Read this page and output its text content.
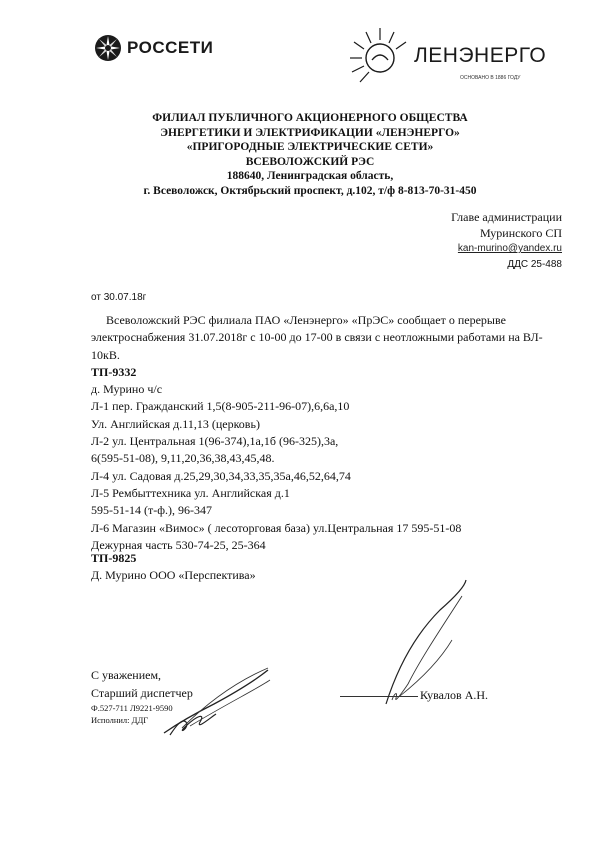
РОССЕТИ	ЛЕНЭНЕРГО
ОСНОВАНО В 1886 ГОДУ
ФИЛИАЛ ПУБЛИЧНОГО АКЦИОНЕРНОГО ОБЩЕСТВА
ЭНЕРГЕТИКИ И ЭЛЕКТРИФИКАЦИИ «ЛЕНЭНЕРГО»
«ПРИГОРОДНЫЕ ЭЛЕКТРИЧЕСКИЕ СЕТИ»
ВСЕВОЛОЖСКИЙ РЭС
188640, Ленинградская область,
г. Всеволожск, Октябрьский проспект, д.102, т/ф 8-813-70-31-450
Главе администрации
Муринского СП
kan-murino@yandex.ru
ДДС 25-488
от 30.07.18г

Всеволожский РЭС филиала ПАО «Ленэнерго» «ПрЭС» сообщает о перерыве

электроснабжения 31.07.2018г с 10-00 до 17-00 в связи с неотложными работами на ВЛ-

10кВ.

ТП-9332

д. Мурино ч/с
Л-1 пер. Гражданский 1,5(8-905-211-96-07),6,6а,10
Ул. Английская д.11,13 (церковь)
Л-2 ул. Центральная 1(96-374),1а,1б (96-325),3а,
6(595-51-08), 9,11,20,36,38,43,45,48.
Л-4 ул. Садовая д.25,29,30,34,33,35,35а,46,52,64,74
Л-5 Рембыттехника ул. Английская д.1
595-51-14 (т-ф.), 96-347
Л-6 Магазин «Вимос» ( лесоторговая база) ул.Центральная 17 595-51-08
Дежурная часть 530-74-25, 25-364
ТП-9825
Д. Мурино ООО «Перспектива»
С уважением,
Старший диспетчер
Ф.527-711 Л9221-9590
Исполнил: ДДГ
Кувалов А.Н.
